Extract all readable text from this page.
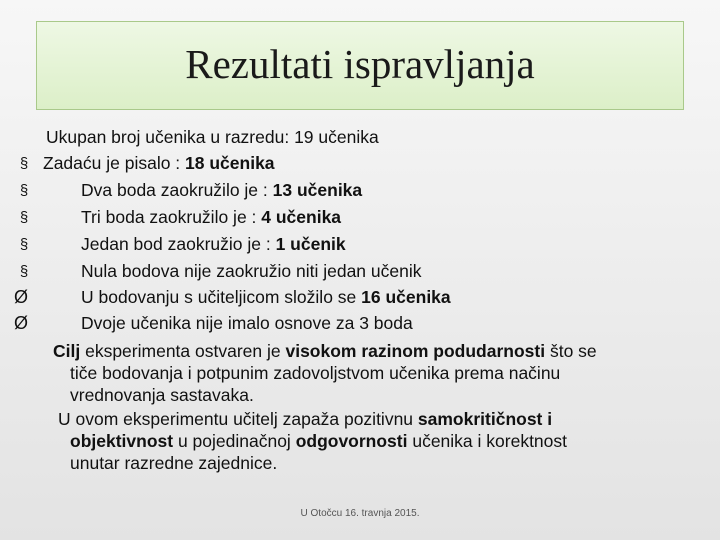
Rezultati ispravljanja
Ukupan broj učenika u razredu: 19 učenika
§ Zadaću je pisalo : 18 učenika
§	Dva boda zaokružilo je : 13 učenika
§	Tri boda zaokružilo je : 4 učenika
§	Jedan bod zaokružio je : 1 učenik
§	Nula bodova nije zaokružio niti jedan učenik
Ø	U bodovanju s učiteljicom složilo se 16 učenika
Ø	Dvoje učenika nije imalo osnove za 3 boda
Cilj eksperimenta ostvaren je visokom razinom podudarnosti što se
tiče bodovanja i potpunim zadovoljstvom učenika prema načinu
vrednovanja sastavaka.
U ovom eksperimentu učitelj zapaža pozitivnu samokritičnost i
objektivnost u pojedinačnoj odgovornosti učenika i korektnost
unutar razredne zajednice.
U Otočcu 16. travnja 2015.
